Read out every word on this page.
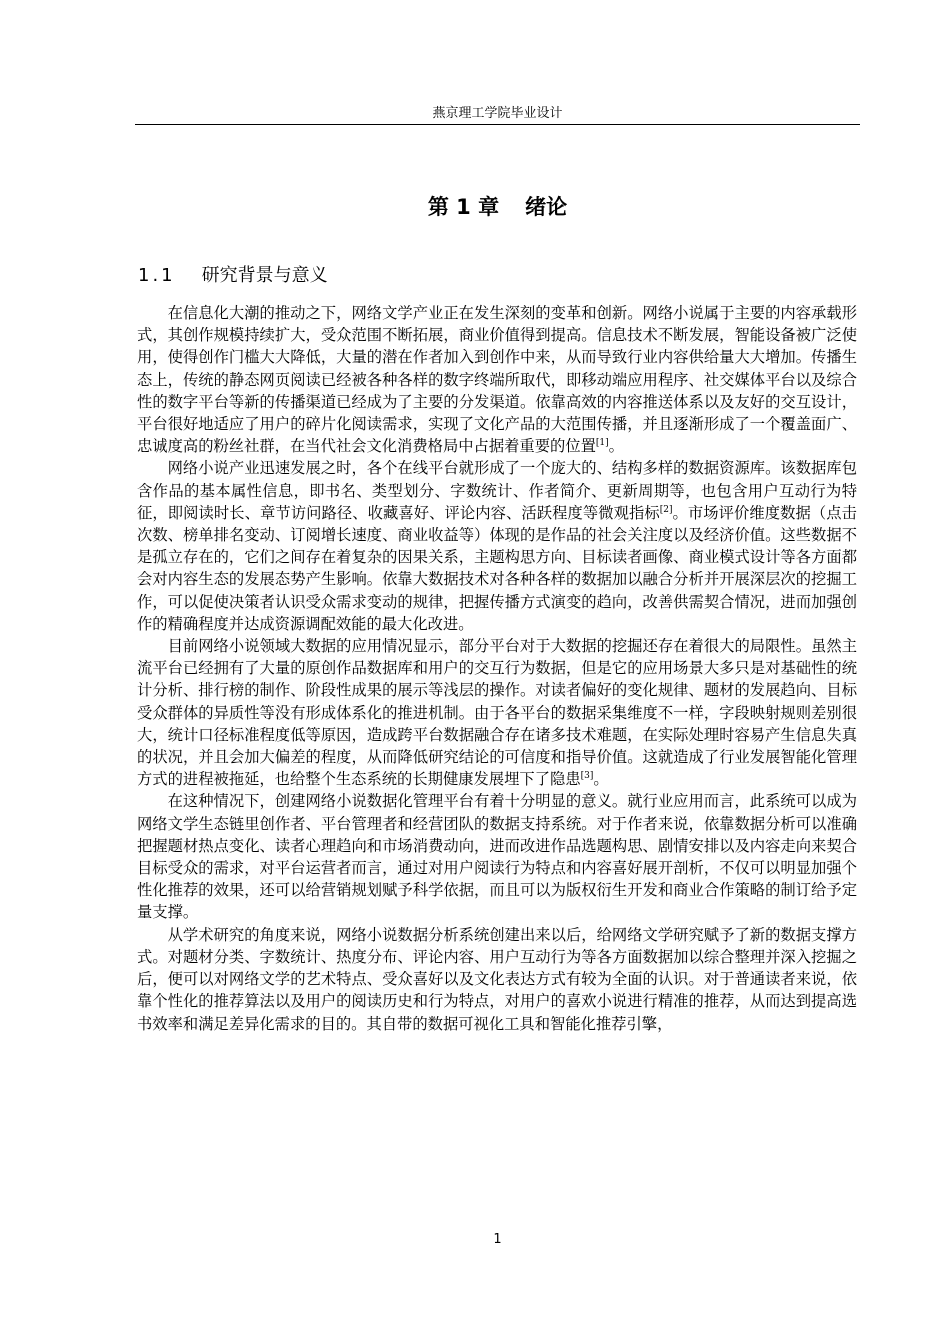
燕京理工学院毕业设计
第 1 章 绪论
1.1 研究背景与意义

在信息化大潮的推动之下，网络文学产业正在发生深刻的变革和创新。网络小说属于主要的内容承载形式，其创作规模持续扩大，受众范围不断拓展，商业价值得到提高。信息技术不断发展，智能设备被广泛使用，使得创作门槛大大降低，大量的潜在作者加入到创作中来，从而导致行业内容供给量大大增加。传播生态上，传统的静态网页阅读已经被各种各样的数字终端所取代，即移动端应用程序、社交媒体平台以及综合性的数字平台等新的传播渠道已经成为了主要的分发渠道。依靠高效的内容推送体系以及友好的交互设计，平台很好地适应了用户的碎片化阅读需求，实现了文化产品的大范围传播，并且逐渐形成了一个覆盖面广、忠诚度高的粉丝社群，在当代社会文化消费格局中占据着重要的位置[1]。

网络小说产业迅速发展之时，各个在线平台就形成了一个庞大的、结构多样的数据资源库。该数据库包含作品的基本属性信息，即书名、类型划分、字数统计、作者简介、更新周期等，也包含用户互动行为特征，即阅读时长、章节访问路径、收藏喜好、评论内容、活跃程度等微观指标[2]。市场评价维度数据（点击次数、榜单排名变动、订阅增长速度、商业收益等）体现的是作品的社会关注度以及经济价值。这些数据不是孤立存在的，它们之间存在着复杂的因果关系，主题构思方向、目标读者画像、商业模式设计等各方面都会对内容生态的发展态势产生影响。依靠大数据技术对各种各样的数据加以融合分析并开展深层次的挖掘工作，可以促使决策者认识受众需求变动的规律，把握传播方式演变的趋向，改善供需契合情况，进而加强创作的精确程度并达成资源调配效能的最大化改进。

目前网络小说领域大数据的应用情况显示，部分平台对于大数据的挖掘还存在着很大的局限性。虽然主流平台已经拥有了大量的原创作品数据库和用户的交互行为数据，但是它的应用场景大多只是对基础性的统计分析、排行榜的制作、阶段性成果的展示等浅层的操作。对读者偏好的变化规律、题材的发展趋向、目标受众群体的异质性等没有形成体系化的推进机制。由于各平台的数据采集维度不一样，字段映射规则差别很大，统计口径标准程度低等原因，造成跨平台数据融合存在诸多技术难题，在实际处理时容易产生信息失真的状况，并且会加大偏差的程度，从而降低研究结论的可信度和指导价值。这就造成了行业发展智能化管理方式的进程被拖延，也给整个生态系统的长期健康发展埋下了隐患[3]。

在这种情况下，创建网络小说数据化管理平台有着十分明显的意义。就行业应用而言，此系统可以成为网络文学生态链里创作者、平台管理者和经营团队的数据支持系统。对于作者来说，依靠数据分析可以准确把握题材热点变化、读者心理趋向和市场消费动向，进而改进作品选题构思、剧情安排以及内容走向来契合目标受众的需求，对平台运营者而言，通过对用户阅读行为特点和内容喜好展开剖析，不仅可以明显加强个性化推荐的效果，还可以给营销规划赋予科学依据，而且可以为版权衍生开发和商业合作策略的制订给予定量支撑。

从学术研究的角度来说，网络小说数据分析系统创建出来以后，给网络文学研究赋予了新的数据支撑方式。对题材分类、字数统计、热度分布、评论内容、用户互动行为等各方面数据加以综合整理并深入挖掘之后，便可以对网络文学的艺术特点、受众喜好以及文化表达方式有较为全面的认识。对于普通读者来说，依靠个性化的推荐算法以及用户的阅读历史和行为特点，对用户的喜欢小说进行精准的推荐，从而达到提高选书效率和满足差异化需求的目的。其自带的数据可视化工具和智能化推荐引擎，

1
